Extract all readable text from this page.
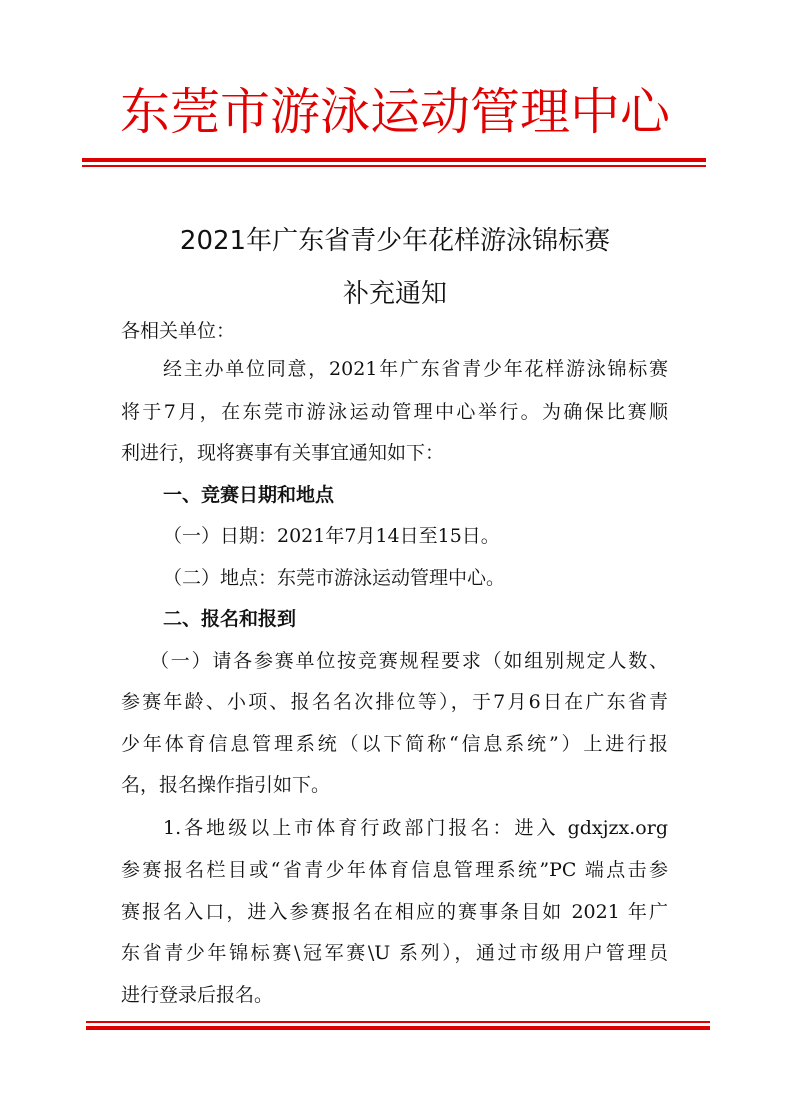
东莞市游泳运动管理中心
2021年广东省青少年花样游泳锦标赛
补充通知
各相关单位：
经主办单位同意，2021年广东省青少年花样游泳锦标赛
将于7月，在东莞市游泳运动管理中心举行。为确保比赛顺
利进行，现将赛事有关事宜通知如下：
一、竞赛日期和地点
（一）日期：2021年7月14日至15日。
（二）地点：东莞市游泳运动管理中心。
二、报名和报到
（一）请各参赛单位按竞赛规程要求（如组别规定人数、
参赛年龄、小项、报名名次排位等），于7月6日在广东省青
少年体育信息管理系统（以下简称“信息系统”）上进行报
名，报名操作指引如下。
1.各地级以上市体育行政部门报名：进入 gdxjzx.org
参赛报名栏目或“省青少年体育信息管理系统”PC 端点击参
赛报名入口，进入参赛报名在相应的赛事条目如 2021 年广
东省青少年锦标赛\冠军赛\U 系列），通过市级用户管理员
进行登录后报名。
